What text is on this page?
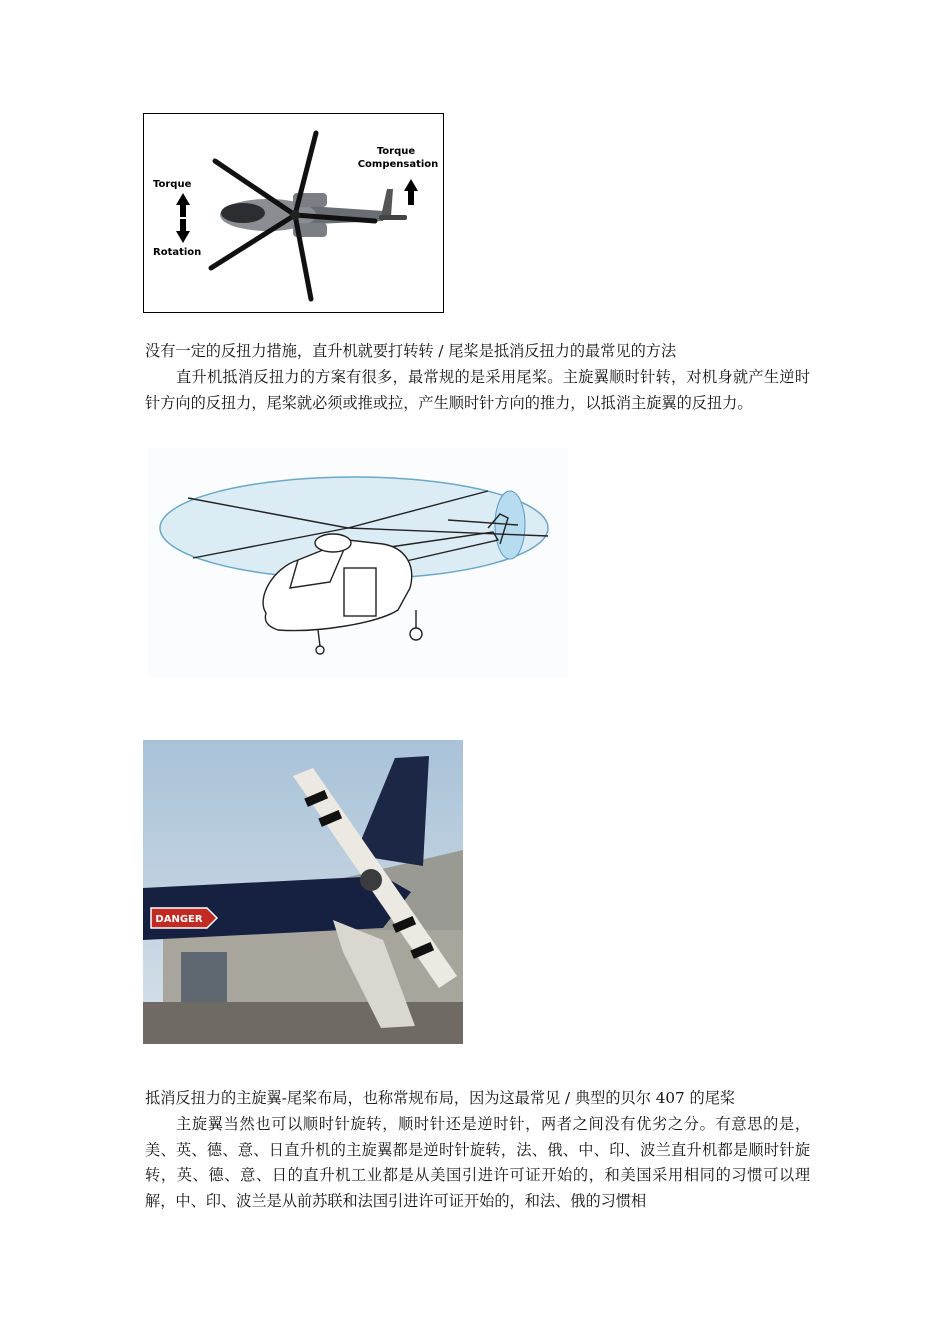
Torque
Rotation
Torque
Compensation
没有一定的反扭力措施，直升机就要打转转 / 尾桨是抵消反扭力的最常见的方法
直升机抵消反扭力的方案有很多，最常规的是采用尾桨。主旋翼顺时针转，对机身就产生逆时针方向的反扭力，尾桨就必须或推或拉，产生顺时针方向的推力，以抵消主旋翼的反扭力。
DANGER
抵消反扭力的主旋翼-尾桨布局，也称常规布局，因为这最常见 / 典型的贝尔 407 的尾桨
主旋翼当然也可以顺时针旋转，顺时针还是逆时针，两者之间没有优劣之分。有意思的是，美、英、德、意、日直升机的主旋翼都是逆时针旋转，法、俄、中、印、波兰直升机都是顺时针旋转，英、德、意、日的直升机工业都是从美国引进许可证开始的，和美国采用相同的习惯可以理解，中、印、波兰是从前苏联和法国引进许可证开始的，和法、俄的习惯相
